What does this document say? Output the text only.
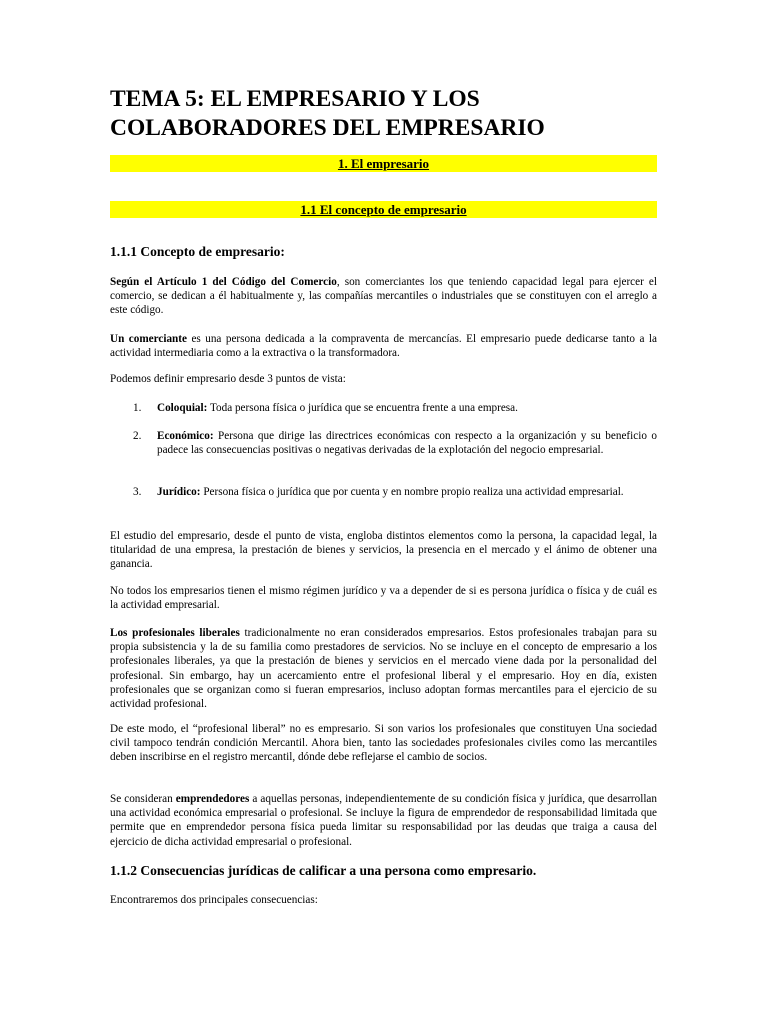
TEMA 5: EL EMPRESARIO Y LOS COLABORADORES DEL EMPRESARIO
1. El empresario
1.1 El concepto de empresario
1.1.1 Concepto de empresario:
Según el Artículo 1 del Código del Comercio, son comerciantes los que teniendo capacidad legal para ejercer el comercio, se dedican a él habitualmente y, las compañías mercantiles o industriales que se constituyen con el arreglo a este código.
Un comerciante es una persona dedicada a la compraventa de mercancías. El empresario puede dedicarse tanto a la actividad intermediaria como a la extractiva o la transformadora.
Podemos definir empresario desde 3 puntos de vista:
1. Coloquial: Toda persona física o jurídica que se encuentra frente a una empresa.
2. Económico: Persona que dirige las directrices económicas con respecto a la organización y su beneficio o padece las consecuencias positivas o negativas derivadas de la explotación del negocio empresarial.
3. Jurídico: Persona física o jurídica que por cuenta y en nombre propio realiza una actividad empresarial.
El estudio del empresario, desde el punto de vista, engloba distintos elementos como la persona, la capacidad legal, la titularidad de una empresa, la prestación de bienes y servicios, la presencia en el mercado y el ánimo de obtener una ganancia.
No todos los empresarios tienen el mismo régimen jurídico y va a depender de si es persona jurídica o física y de cuál es la actividad empresarial.
Los profesionales liberales tradicionalmente no eran considerados empresarios. Estos profesionales trabajan para su propia subsistencia y la de su familia como prestadores de servicios. No se incluye en el concepto de empresario a los profesionales liberales, ya que la prestación de bienes y servicios en el mercado viene dada por la personalidad del profesional. Sin embargo, hay un acercamiento entre el profesional liberal y el empresario. Hoy en día, existen profesionales que se organizan como si fueran empresarios, incluso adoptan formas mercantiles para el ejercicio de su actividad profesional.
De este modo, el “profesional liberal” no es empresario. Si son varios los profesionales que constituyen Una sociedad civil tampoco tendrán condición Mercantil. Ahora bien, tanto las sociedades profesionales civiles como las mercantiles deben inscribirse en el registro mercantil, dónde debe reflejarse el cambio de socios.
Se consideran emprendedores a aquellas personas, independientemente de su condición física y jurídica, que desarrollan una actividad económica empresarial o profesional. Se incluye la figura de emprendedor de responsabilidad limitada que permite que en emprendedor persona física pueda limitar su responsabilidad por las deudas que traiga a causa del ejercicio de dicha actividad empresarial o profesional.
1.1.2 Consecuencias jurídicas de calificar a una persona como empresario.
Encontraremos dos principales consecuencias:
